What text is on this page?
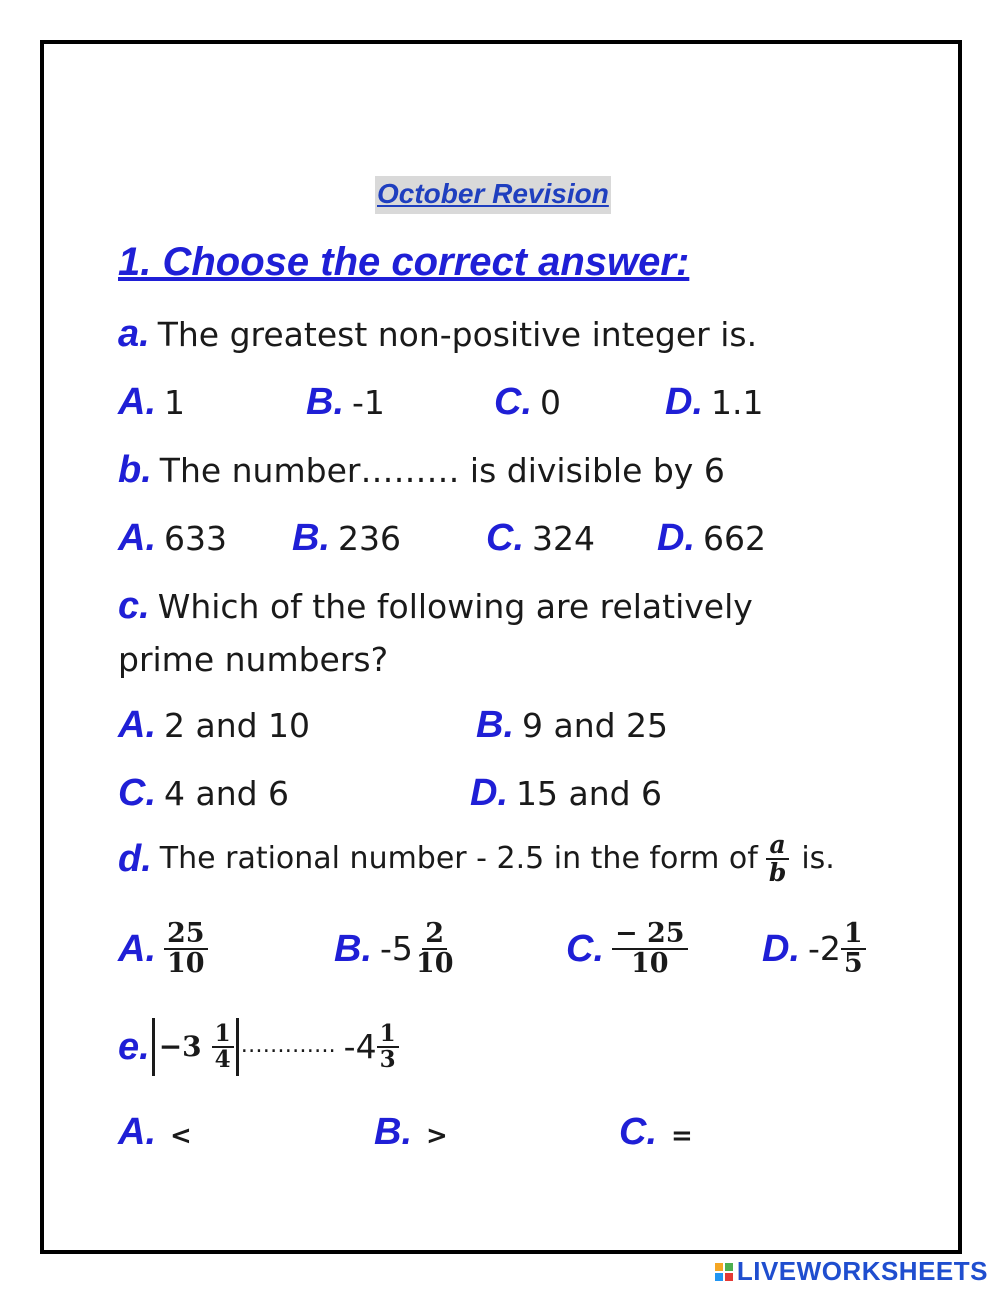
October Revision
1. Choose the correct answer:
a. The greatest non-positive integer is.
A. 1	B. -1	C. 0	D. 1.1
b. The number……… is divisible by 6
A. 633 B. 236 C. 324 D. 662
c. Which of the following are relatively
prime numbers?
A. 2 and 10	B. 9 and 25
C. 4 and 6	D. 15 and 6
d. The rational number - 2.5 in the form of $\frac{a}{b}$ is.
A. $\frac{25}{10}$	B. $-5 \frac{2}{10}$	C. $\frac{- 25}{10} D$. $-2 \frac{1}{5}$
e. $-3 \frac{1}{4}$ …………. $-4 \frac{1}{3}$
A. <	B. >	C. =
LIVEWORKSHEETS
